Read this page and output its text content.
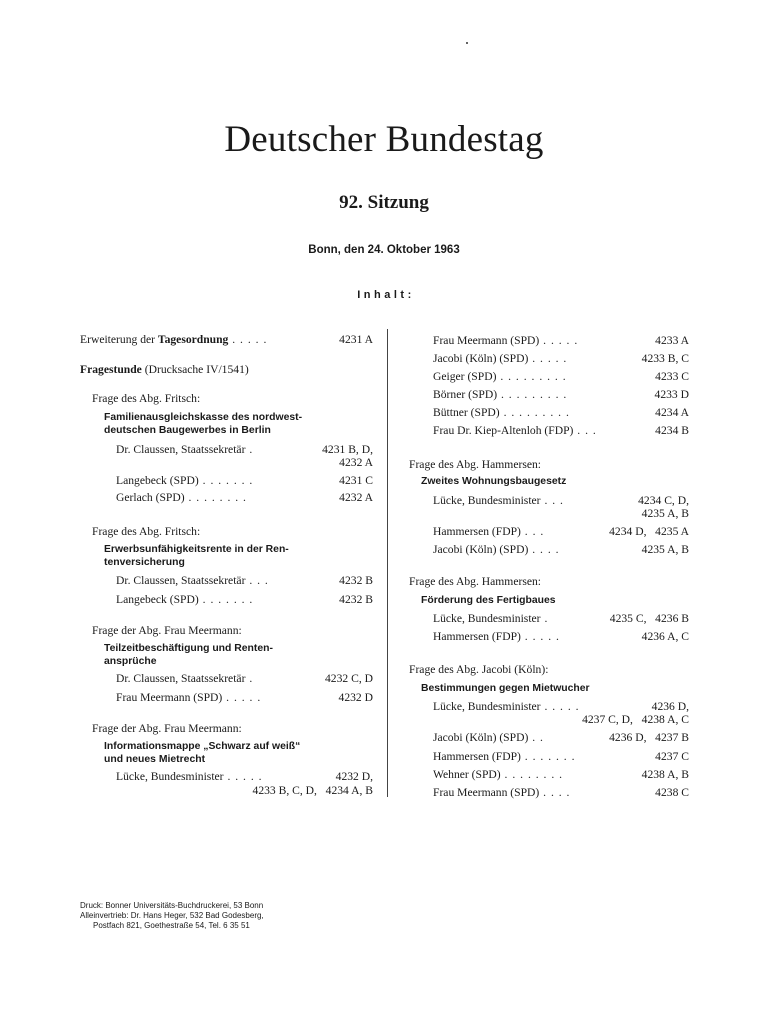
Deutscher Bundestag
92. Sitzung
Bonn, den 24. Oktober 1963
Inhalt:
Erweiterung der Tagesordnung . . . . .	4231 A
Fragestunde (Drucksache IV/1541)
Frage des Abg. Fritsch:
Familienausgleichskasse des nordwest-
deutschen Baugewerbes in Berlin
Dr. Claussen, Staatssekretär .	4231 B, D,
4232 A
Langebeck (SPD) . . . . . . .	4231 C
Gerlach (SPD) . . . . . . . .	4232 A
Frage des Abg. Fritsch:
Erwerbsunfähigkeitsrente in der Ren-
tenversicherung
Dr. Claussen, Staatssekretär . . .	4232 B
Langebeck (SPD) . . . . . . .	4232 B
Frage der Abg. Frau Meermann:
Teilzeitbeschäftigung und Renten-
ansprüche
Dr. Claussen, Staatssekretär .	4232 C, D
Frau Meermann (SPD) . . . . .	4232 D
Frage der Abg. Frau Meermann:
Informationsmappe „Schwarz auf weiß“
und neues Mietrecht
Lücke, Bundesminister . . . . .	4232 D,
4233 B, C, D,   4234 A, B
Frau Meermann (SPD) . . . . .	4233 A
Jacobi (Köln) (SPD) . . . . .	4233 B, C
Geiger (SPD) . . . . . . . . .	4233 C
Börner (SPD) . . . . . . . . .	4233 D
Büttner (SPD) . . . . . . . . .	4234 A
Frau Dr. Kiep-Altenloh (FDP) . . .	4234 B
Frage des Abg. Hammersen:
Zweites Wohnungsbaugesetz
Lücke, Bundesminister . . .	4234 C, D,
4235 A, B
Hammersen (FDP) . . .	4234 D,   4235 A
Jacobi (Köln) (SPD) . . . .	4235 A, B
Frage des Abg. Hammersen:
Förderung des Fertigbaues
Lücke, Bundesminister .	4235 C,   4236 B
Hammersen (FDP) . . . . .	4236 A, C
Frage des Abg. Jacobi (Köln):
Bestimmungen gegen Mietwucher
Lücke, Bundesminister . . . . .	4236 D,
4237 C, D,   4238 A, C
Jacobi (Köln) (SPD) . .	4236 D,   4237 B
Hammersen (FDP) . . . . . . .	4237 C
Wehner (SPD) . . . . . . . .	4238 A, B
Frau Meermann (SPD) . . . .	4238 C
Druck: Bonner Universitäts-Buchdruckerei, 53 Bonn
Alleinvertrieb: Dr. Hans Heger, 532 Bad Godesberg,
Postfach 821, Goethestraße 54, Tel. 6 35 51
